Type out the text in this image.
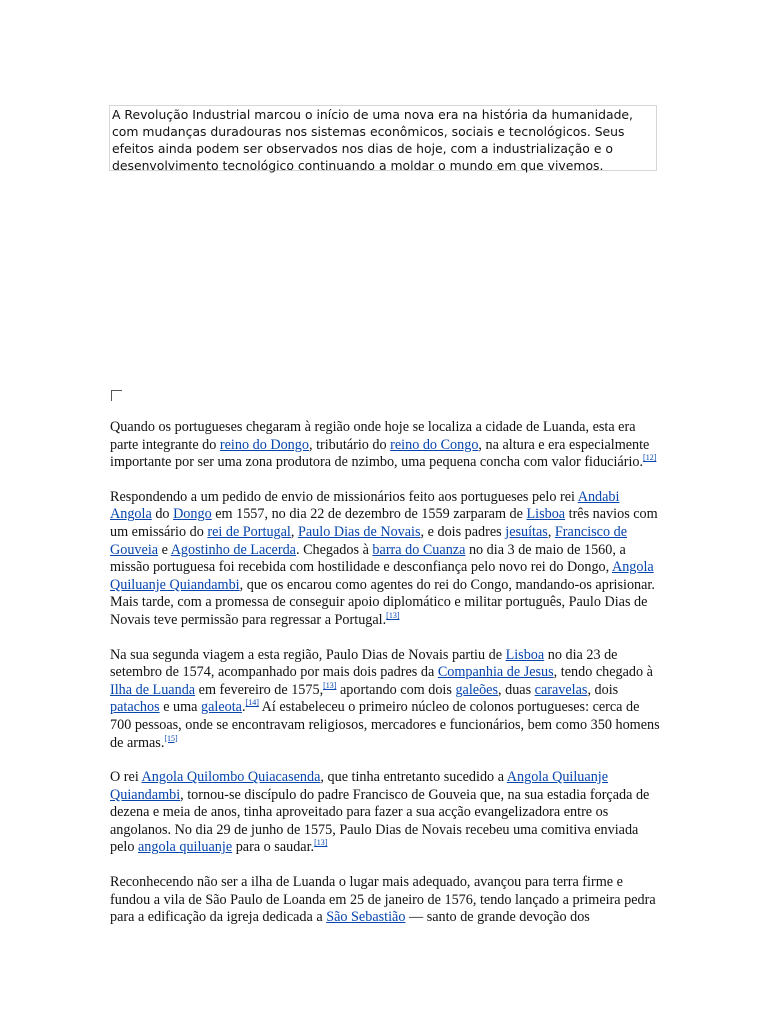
A Revolução Industrial marcou o início de uma nova era na história da humanidade, com mudanças duradouras nos sistemas econômicos, sociais e tecnológicos. Seus efeitos ainda podem ser observados nos dias de hoje, com a industrialização e o desenvolvimento tecnológico continuando a moldar o mundo em que vivemos.

Quando os portugueses chegaram à região onde hoje se localiza a cidade de Luanda, esta era parte integrante do reino do Dongo, tributário do reino do Congo, na altura e era especialmente importante por ser uma zona produtora de nzimbo, uma pequena concha com valor fiduciário.[12]

Respondendo a um pedido de envio de missionários feito aos portugueses pelo rei Andabi Angola do Dongo em 1557, no dia 22 de dezembro de 1559 zarparam de Lisboa três navios com um emissário do rei de Portugal, Paulo Dias de Novais, e dois padres jesuítas, Francisco de Gouveia e Agostinho de Lacerda. Chegados à barra do Cuanza no dia 3 de maio de 1560, a missão portuguesa foi recebida com hostilidade e desconfiança pelo novo rei do Dongo, Angola Quiluanje Quiandambi, que os encarou como agentes do rei do Congo, mandando-os aprisionar. Mais tarde, com a promessa de conseguir apoio diplomático e militar português, Paulo Dias de Novais teve permissão para regressar a Portugal.[13]

Na sua segunda viagem a esta região, Paulo Dias de Novais partiu de Lisboa no dia 23 de setembro de 1574, acompanhado por mais dois padres da Companhia de Jesus, tendo chegado à Ilha de Luanda em fevereiro de 1575,[13] aportando com dois galeões, duas caravelas, dois patachos e uma galeota.[14] Aí estabeleceu o primeiro núcleo de colonos portugueses: cerca de 700 pessoas, onde se encontravam religiosos, mercadores e funcionários, bem como 350 homens de armas.[15]

O rei Angola Quilombo Quiacasenda, que tinha entretanto sucedido a Angola Quiluanje Quiandambi, tornou-se discípulo do padre Francisco de Gouveia que, na sua estadia forçada de dezena e meia de anos, tinha aproveitado para fazer a sua acção evangelizadora entre os angolanos. No dia 29 de junho de 1575, Paulo Dias de Novais recebeu uma comitiva enviada pelo angola quiluanje para o saudar.[13]

Reconhecendo não ser a ilha de Luanda o lugar mais adequado, avançou para terra firme e fundou a vila de São Paulo de Loanda em 25 de janeiro de 1576, tendo lançado a primeira pedra para a edificação da igreja dedicada a São Sebastião — santo de grande devoção dos
